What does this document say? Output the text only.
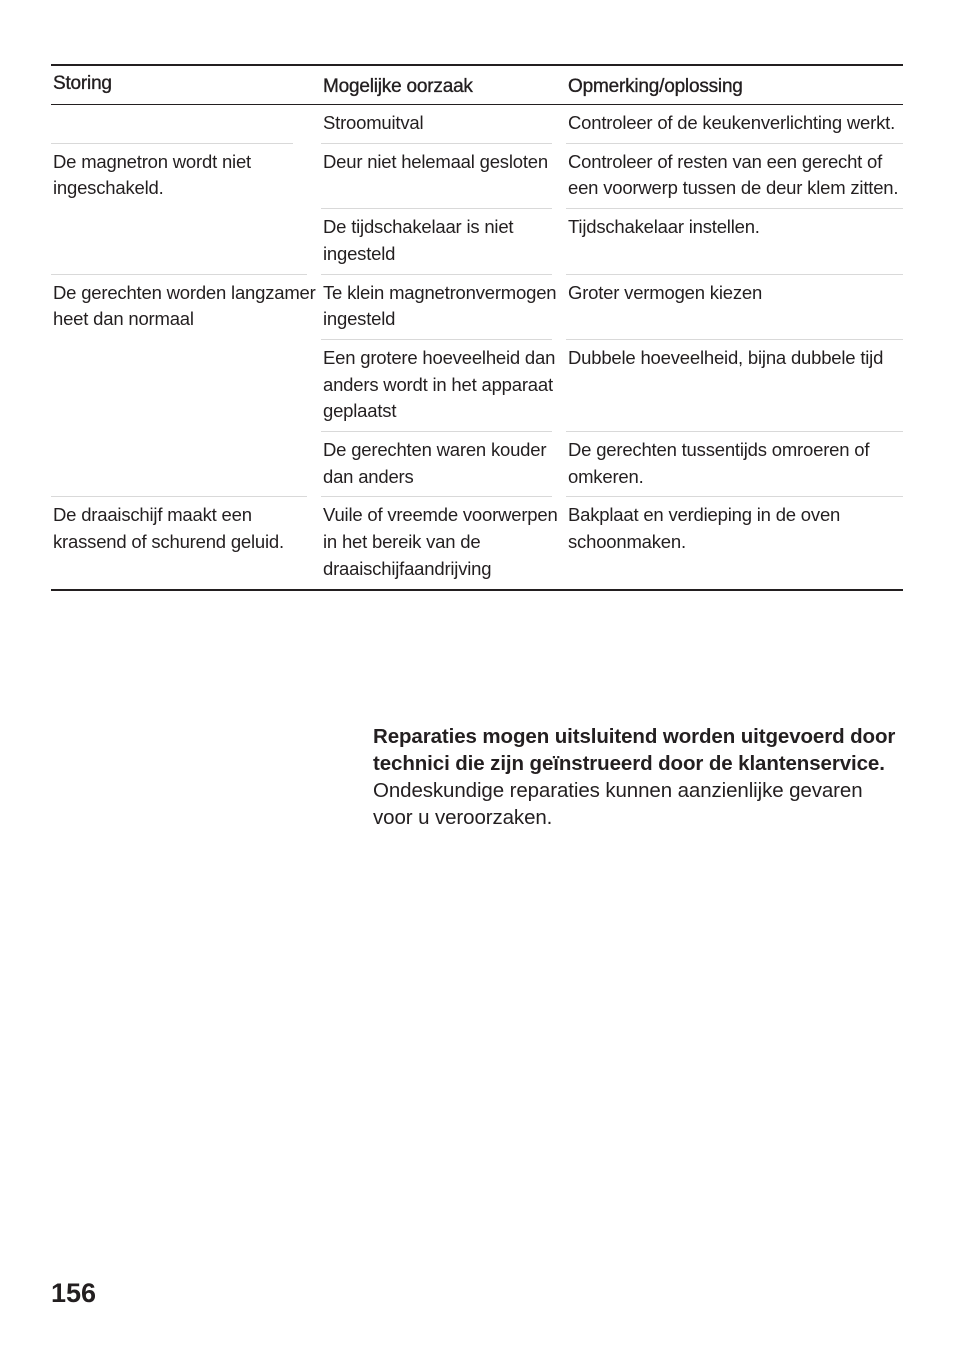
Storing	Mogelijke oorzaak	Opmerking/oplossing
	Stroomuitval	Controleer of de keukenverlichting werkt.

De magnetron wordt niet ingeschakeld.	Deur niet helemaal gesloten	Controleer of resten van een gerecht of een voorwerp tussen de deur klem zitten.

	De tijdschakelaar is niet ingesteld	Tijdschakelaar instellen.

De gerechten worden langzamer heet dan normaal	Te klein magnetronvermogen ingesteld	Groter vermogen kiezen

	Een grotere hoeveelheid dan anders wordt in het apparaat geplaatst	Dubbele hoeveelheid, bijna dubbele tijd

	De gerechten waren kouder dan anders	De gerechten tussentijds omroeren of omkeren.

De draaischijf maakt een krassend of schurend geluid.	Vuile of vreemde voorwerpen in het bereik van de draaischijfaandrijving	Bakplaat en verdieping in de oven schoonmaken.
Reparaties mogen uitsluitend worden uitgevoerd door technici die zijn geïnstrueerd door de klantenservice. Ondeskundige reparaties kunnen aanzienlijke gevaren voor u veroorzaken.
156
